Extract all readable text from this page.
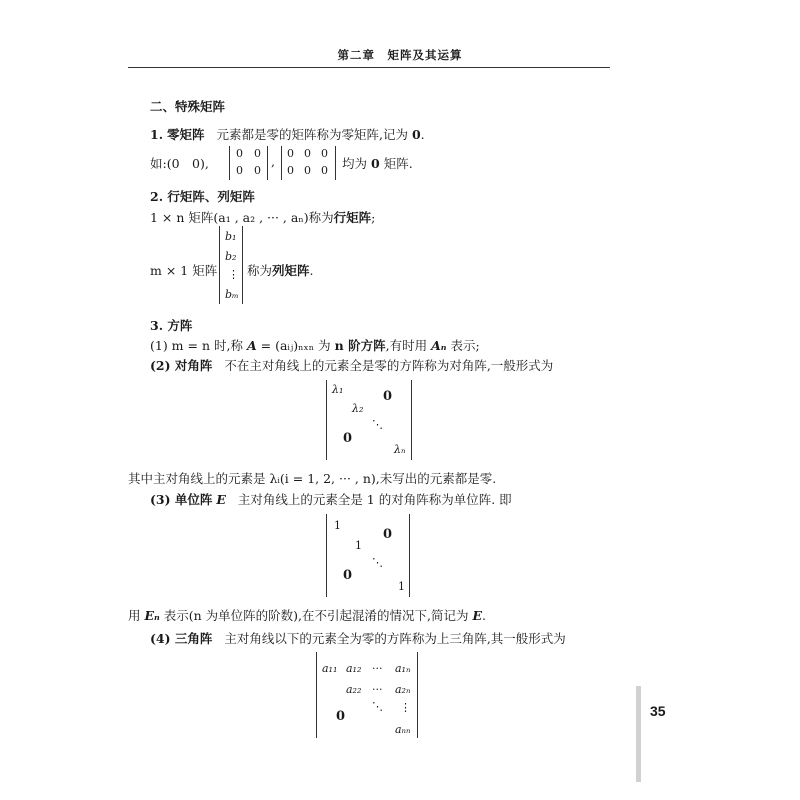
第二章　矩阵及其运算
二、特殊矩阵
1. 零矩阵 元素都是零的矩阵称为零矩阵,记为 0.
如:(0　0),
0 0
0 0
,
0 0 0
0 0 0 均为 0 矩阵.
2. 行矩阵、列矩阵
1 × n 矩阵(a₁ , a₂ , ··· , aₙ)称为行矩阵;
m × 1 矩阵
b₁
b₂
⋮
bₘ
称为列矩阵.
3. 方阵
(1) m = n 时,称 A = (aᵢⱼ)ₙₓₙ 为 n 阶方阵,有时用 Aₙ 表示;
(2) 对角阵 不在主对角线上的元素全是零的方阵称为对角阵,一般形式为
λ₁
λ₂
⋱
λₙ
0
0
其中主对角线上的元素是 λᵢ(i = 1, 2, ··· , n),未写出的元素都是零.
(3) 单位阵 E 主对角线上的元素全是 1 的对角阵称为单位阵. 即
1
1
⋱
1
0
0
用 Eₙ 表示(n 为单位阵的阶数),在不引起混淆的情况下,简记为 E.
(4) 三角阵 主对角线以下的元素全为零的方阵称为上三角阵,其一般形式为
a₁₁ a₁₂ ··· a₁ₙ
a₂₂ ··· a₂ₙ
⋱ ⋮
aₙₙ
0	35
